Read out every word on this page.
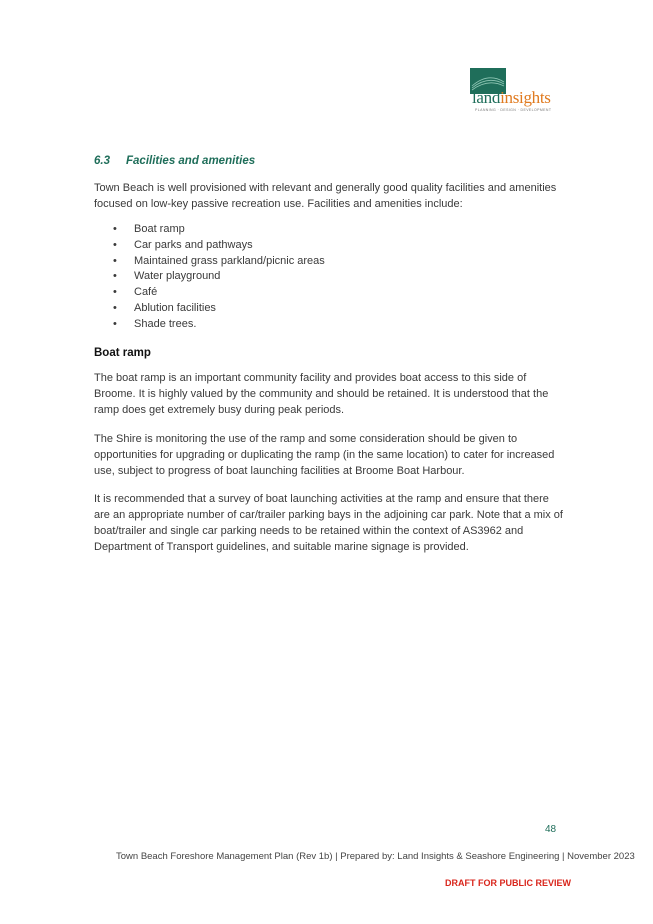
landinsights
PLANNING · DESIGN · DEVELOPMENT
6.3 Facilities and amenities
Town Beach is well provisioned with relevant and generally good quality facilities and amenities focused on low-key passive recreation use. Facilities and amenities include:
• Boat ramp
• Car parks and pathways
• Maintained grass parkland/picnic areas
• Water playground
• Café
• Ablution facilities
• Shade trees.
Boat ramp
The boat ramp is an important community facility and provides boat access to this side of Broome. It is highly valued by the community and should be retained. It is understood that the ramp does get extremely busy during peak periods.
The Shire is monitoring the use of the ramp and some consideration should be given to opportunities for upgrading or duplicating the ramp (in the same location) to cater for increased use, subject to progress of boat launching facilities at Broome Boat Harbour.
It is recommended that a survey of boat launching activities at the ramp and ensure that there are an appropriate number of car/trailer parking bays in the adjoining car park. Note that a mix of boat/trailer and single car parking needs to be retained within the context of AS3962 and Department of Transport guidelines, and suitable marine signage is provided.
48
Town Beach Foreshore Management Plan (Rev 1b) | Prepared by: Land Insights & Seashore Engineering | November 2023
DRAFT FOR PUBLIC REVIEW
